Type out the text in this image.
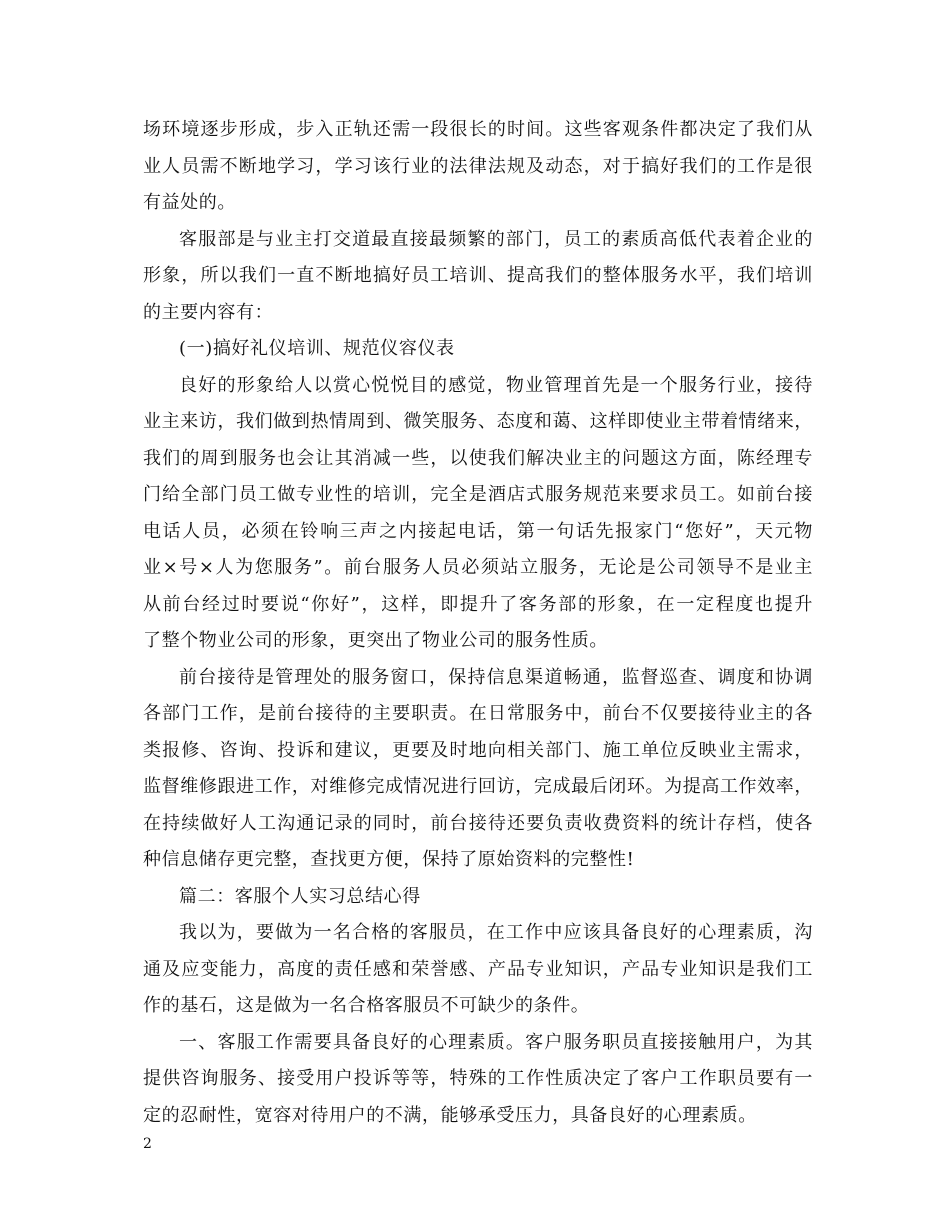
场环境逐步形成，步入正轨还需一段很长的时间。这些客观条件都决定了我们从
业人员需不断地学习，学习该行业的法律法规及动态，对于搞好我们的工作是很
有益处的。
客服部是与业主打交道最直接最频繁的部门，员工的素质高低代表着企业的
形象，所以我们一直不断地搞好员工培训、提高我们的整体服务水平，我们培训
的主要内容有：
(一)搞好礼仪培训、规范仪容仪表
良好的形象给人以赏心悦悦目的感觉，物业管理首先是一个服务行业，接待
业主来访，我们做到热情周到、微笑服务、态度和蔼、这样即使业主带着情绪来，
我们的周到服务也会让其消减一些，以使我们解决业主的问题这方面，陈经理专
门给全部门员工做专业性的培训，完全是酒店式服务规范来要求员工。如前台接
电话人员，必须在铃响三声之内接起电话，第一句话先报家门“您好”，天元物
业×号×人为您服务”。前台服务人员必须站立服务，无论是公司领导不是业主
从前台经过时要说“你好”，这样，即提升了客务部的形象，在一定程度也提升
了整个物业公司的形象，更突出了物业公司的服务性质。
前台接待是管理处的服务窗口，保持信息渠道畅通，监督巡查、调度和协调
各部门工作，是前台接待的主要职责。在日常服务中，前台不仅要接待业主的各
类报修、咨询、投诉和建议，更要及时地向相关部门、施工单位反映业主需求，
监督维修跟进工作，对维修完成情况进行回访，完成最后闭环。为提高工作效率，
在持续做好人工沟通记录的同时，前台接待还要负责收费资料的统计存档，使各
种信息储存更完整，查找更方便，保持了原始资料的完整性!
篇二：客服个人实习总结心得
我以为，要做为一名合格的客服员，在工作中应该具备良好的心理素质，沟
通及应变能力，高度的责任感和荣誉感、产品专业知识，产品专业知识是我们工
作的基石，这是做为一名合格客服员不可缺少的条件。
一、客服工作需要具备良好的心理素质。客户服务职员直接接触用户，为其
提供咨询服务、接受用户投诉等等，特殊的工作性质决定了客户工作职员要有一
定的忍耐性，宽容对待用户的不满，能够承受压力，具备良好的心理素质。
2
